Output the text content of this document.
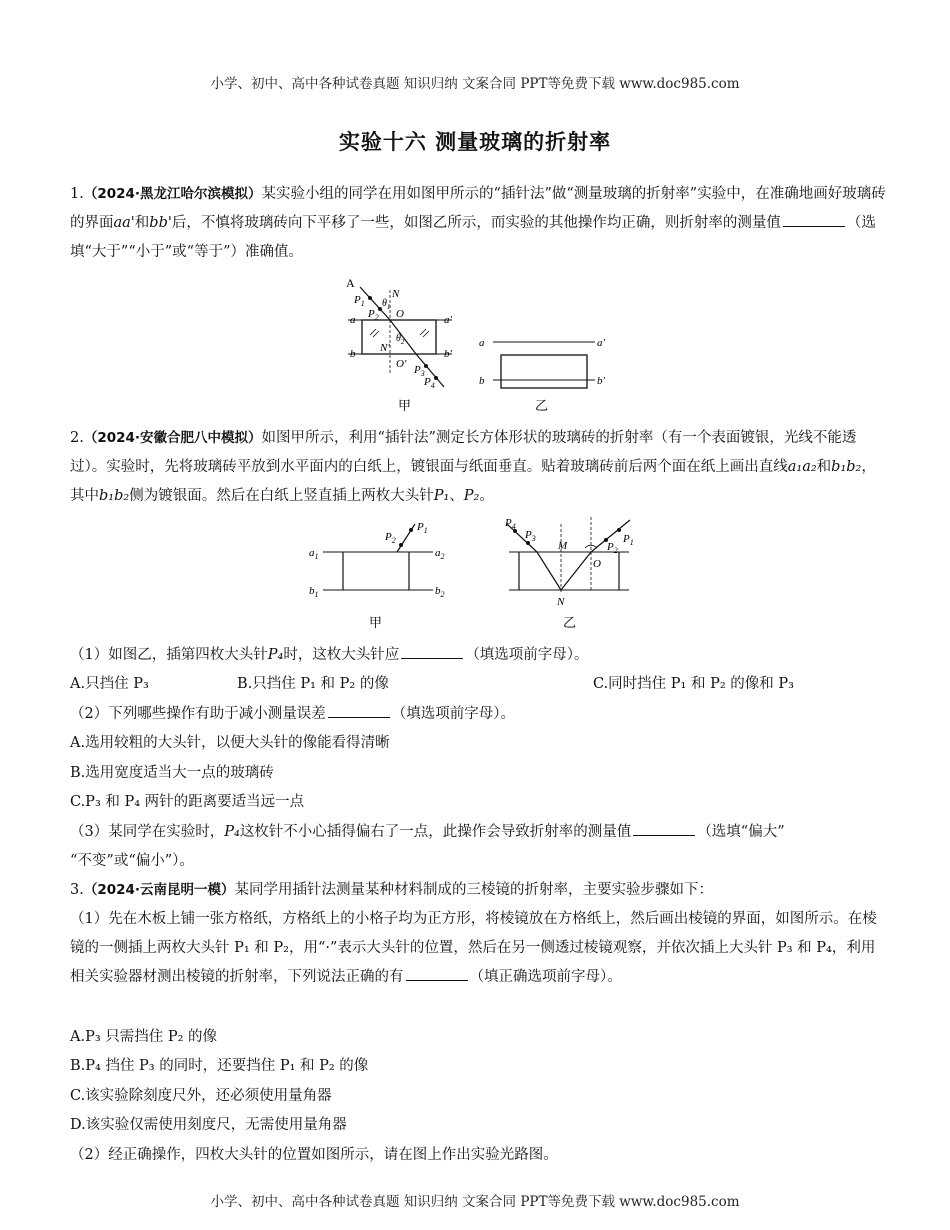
小学、初中、高中各种试卷真题 知识归纳 文案合同 PPT等免费下载 www.doc985.com
实验十六 测量玻璃的折射率
1.（2024·黑龙江哈尔滨模拟）某实验小组的同学在用如图甲所示的“插针法”做“测量玻璃的折射率”实验中，在准确地画好玻璃砖的界面aa'和bb'后，不慎将玻璃砖向下平移了一些，如图乙所示，而实验的其他操作均正确，则折射率的测量值	（选填“大于”“小于”或“等于”）准确值。
A
$P_1$
$P_2$
N
$\theta_1$
O
$\theta_2$
N'
O' $P_3$
$P_4$
a	a'
b	b'
甲
a	a'
b	b'
乙
2.（2024·安徽合肥八中模拟）如图甲所示，利用“插针法”测定长方体形状的玻璃砖的折射率（有一个表面镀银，光线不能透过）。实验时，先将玻璃砖平放到水平面内的白纸上，镀银面与纸面垂直。贴着玻璃砖前后两个面在纸上画出直线a₁a₂和b₁b₂，其中b₁b₂侧为镀银面。然后在白纸上竖直插上两枚大头针P₁、P₂。
$P_2$
$P_1$
$a_1$	$a_2$
$b_1$	$b_2$
甲
$P_4$
$P_3$	$P_1$
$P_2$
M
O
N
乙
（1）如图乙，插第四枚大头针P₄时，这枚大头针应	（填选项前字母）。
A.只挡住 P₃	B.只挡住 P₁ 和 P₂ 的像	C.同时挡住 P₁ 和 P₂ 的像和 P₃
（2）下列哪些操作有助于减小测量误差	（填选项前字母）。
A.选用较粗的大头针，以便大头针的像能看得清晰
B.选用宽度适当大一点的玻璃砖
C.P₃ 和 P₄ 两针的距离要适当远一点
（3）某同学在实验时，P₄这枚针不小心插得偏右了一点，此操作会导致折射率的测量值	（选填“偏大”
“不变”或“偏小”）。
3.（2024·云南昆明一模）某同学用插针法测量某种材料制成的三棱镜的折射率，主要实验步骤如下：
（1）先在木板上铺一张方格纸，方格纸上的小格子均为正方形，将棱镜放在方格纸上，然后画出棱镜的界面，如图所示。在棱镜的一侧插上两枚大头针 P₁ 和 P₂，用“·”表示大头针的位置，然后在另一侧透过棱镜观察，并依次插上大头针 P₃ 和 P₄，利用相关实验器材测出棱镜的折射率，下列说法正确的有	（填正确选项前字母）。
A.P₃ 只需挡住 P₂ 的像
B.P₄ 挡住 P₃ 的同时，还要挡住 P₁ 和 P₂ 的像
C.该实验除刻度尺外，还必须使用量角器
D.该实验仅需使用刻度尺，无需使用量角器
（2）经正确操作，四枚大头针的位置如图所示，请在图上作出实验光路图。
小学、初中、高中各种试卷真题 知识归纳 文案合同 PPT等免费下载 www.doc985.com
